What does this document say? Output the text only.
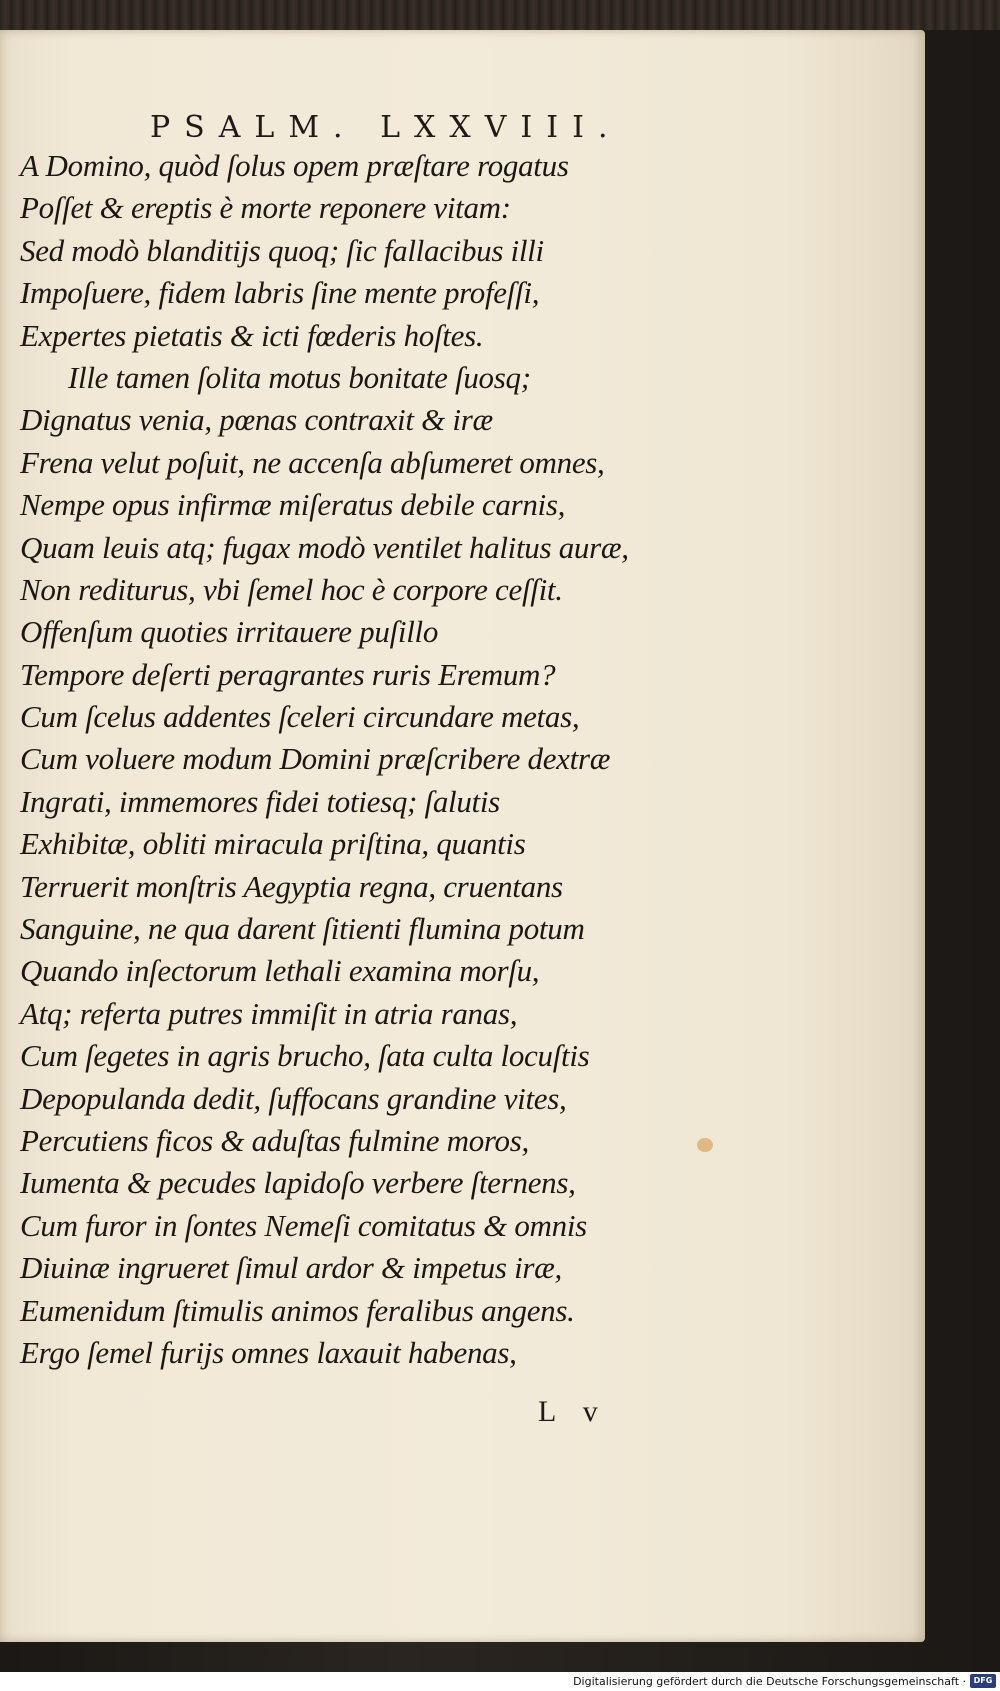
PSALM. LXXVIII.
A Domino, quòd ſolus opem præſtare rogatus
Poſſet & ereptis è morte reponere vitam:
Sed modò blanditijs quoq; ſic fallacibus illi
Impoſuere, fidem labris ſine mente profeſſi,
Expertes pietatis & icti fœderis hoſtes.
Ille tamen ſolita motus bonitate ſuosq;
Dignatus venia, pœnas contraxit & iræ
Frena velut poſuit, ne accenſa abſumeret omnes,
Nempe opus infirmæ miſeratus debile carnis,
Quam leuis atq; fugax modò ventilet halitus auræ,
Non rediturus, vbi ſemel hoc è corpore ceſſit.
Offenſum quoties irritauere puſillo
Tempore deſerti peragrantes ruris Eremum?
Cum ſcelus addentes ſceleri circundare metas,
Cum voluere modum Domini præſcribere dextræ
Ingrati, immemores fidei totiesq; ſalutis
Exhibitæ, obliti miracula priſtina, quantis
Terruerit monſtris Aegyptia regna, cruentans
Sanguine, ne qua darent ſitienti flumina potum
Quando inſectorum lethali examina morſu,
Atq; referta putres immiſit in atria ranas,
Cum ſegetes in agris brucho, ſata culta locuſtis
Depopulanda dedit, ſuffocans grandine vites,
Percutiens ficos & aduſtas fulmine moros,
Iumenta & pecudes lapidoſo verbere ſternens,
Cum furor in ſontes Nemeſi comitatus & omnis
Diuinæ ingrueret ſimul ardor & impetus iræ,
Eumenidum ſtimulis animos feralibus angens.
Ergo ſemel furijs omnes laxauit habenas,
L v
Digitalisierung gefördert durch die Deutsche Forschungsgemeinschaft · DFG
